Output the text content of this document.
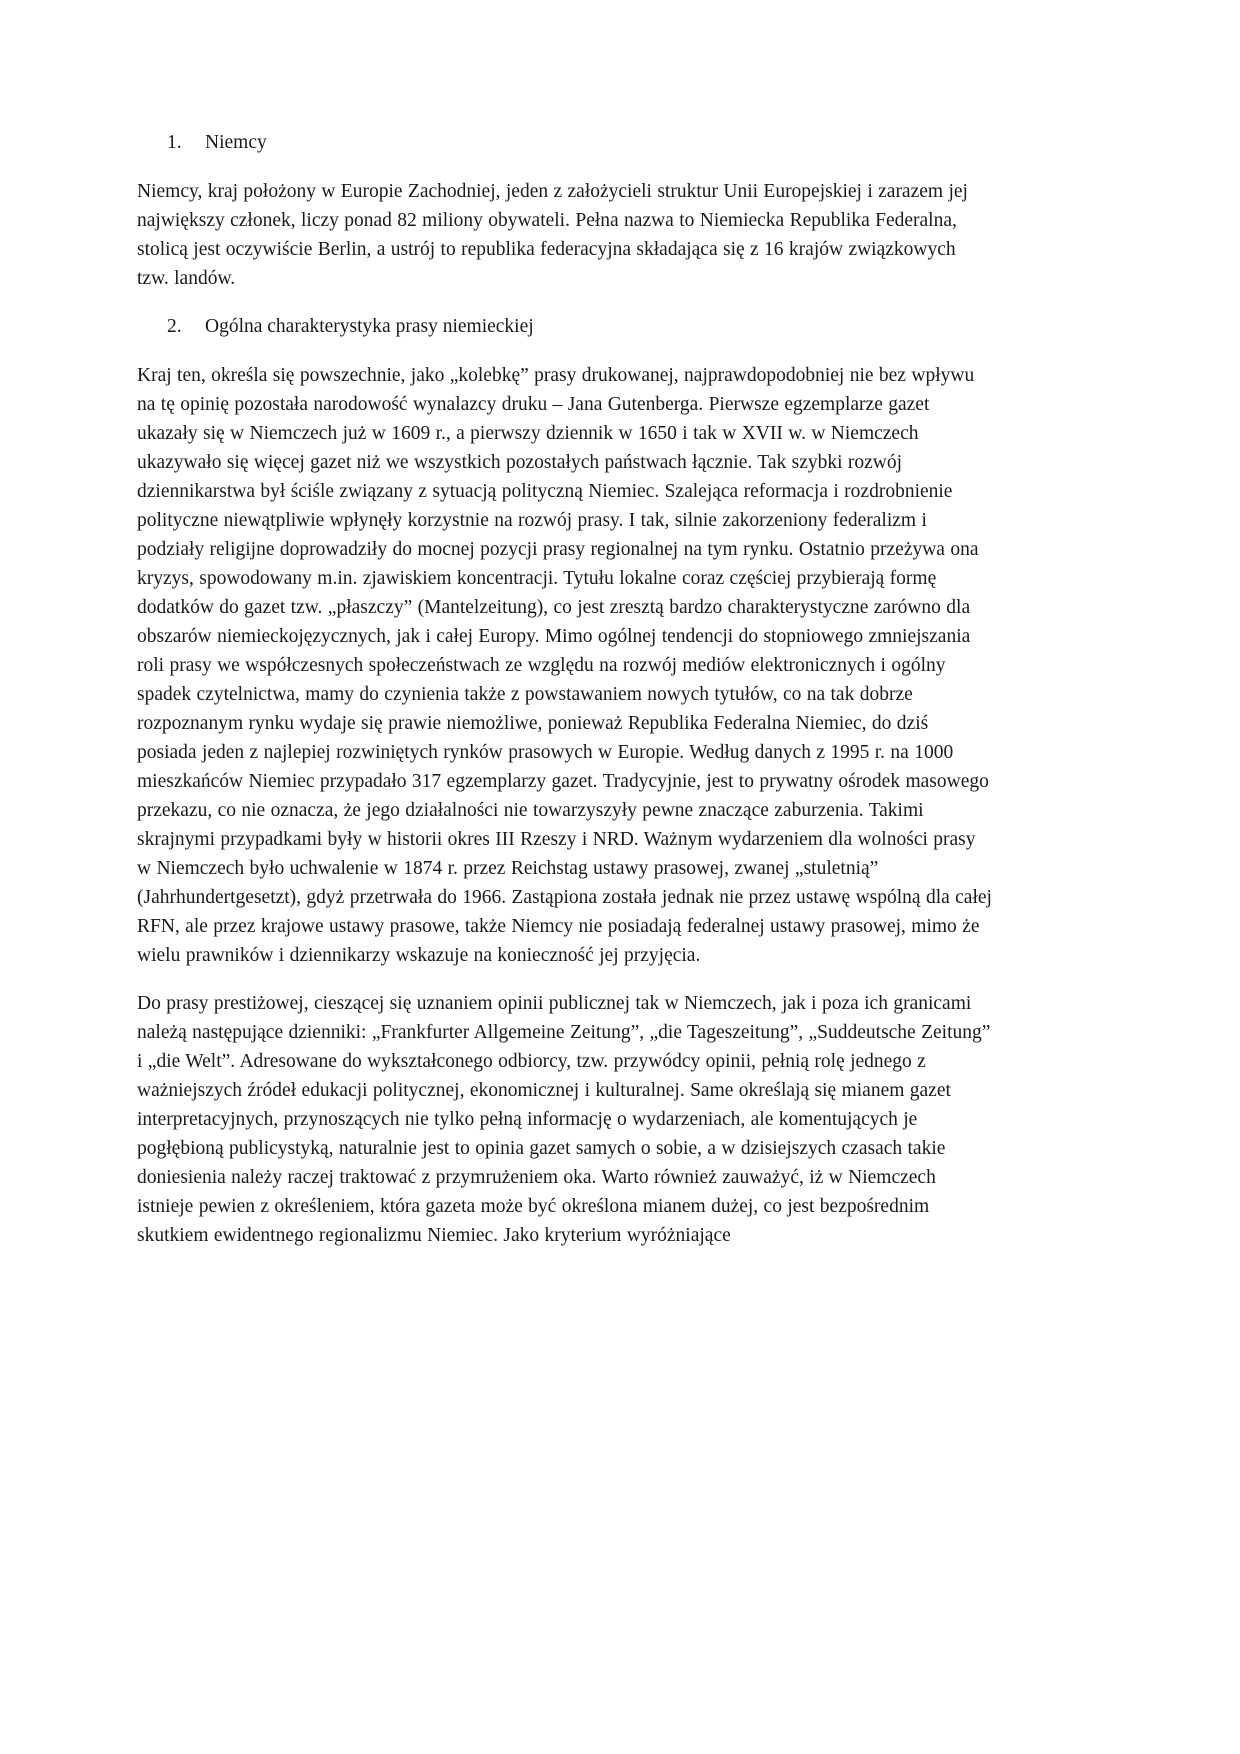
1.	Niemcy

Niemcy, kraj położony w Europie Zachodniej, jeden z założycieli struktur Unii Europejskiej i zarazem jej największy członek, liczy ponad 82 miliony obywateli. Pełna nazwa to Niemiecka Republika Federalna, stolicą jest oczywiście Berlin, a ustrój to republika federacyjna składająca się z 16 krajów związkowych tzw. landów.

2.	Ogólna charakterystyka prasy niemieckiej

Kraj ten, określa się powszechnie, jako „kolebkę” prasy drukowanej, najprawdopodobniej nie bez wpływu na tę opinię pozostała narodowość wynalazcy druku – Jana Gutenberga. Pierwsze egzemplarze gazet ukazały się w Niemczech już w 1609 r., a pierwszy dziennik w 1650 i tak w XVII w. w Niemczech ukazywało się więcej gazet niż we wszystkich pozostałych państwach łącznie. Tak szybki rozwój dziennikarstwa był ściśle związany z sytuacją polityczną Niemiec. Szalejąca reformacja i rozdrobnienie polityczne niewątpliwie wpłynęły korzystnie na rozwój prasy. I tak, silnie zakorzeniony federalizm i podziały religijne doprowadziły do mocnej pozycji prasy regionalnej na tym rynku. Ostatnio przeżywa ona kryzys, spowodowany m.in. zjawiskiem koncentracji. Tytułu lokalne coraz częściej przybierają formę dodatków do gazet tzw. „płaszczy” (Mantelzeitung), co jest zresztą bardzo charakterystyczne zarówno dla obszarów niemieckojęzycznych, jak i całej Europy. Mimo ogólnej tendencji do stopniowego zmniejszania roli prasy we współczesnych społeczeństwach ze względu na rozwój mediów elektronicznych i ogólny spadek czytelnictwa, mamy do czynienia także z powstawaniem nowych tytułów, co na tak dobrze rozpoznanym rynku wydaje się prawie niemożliwe, ponieważ Republika Federalna Niemiec, do dziś posiada jeden z najlepiej rozwiniętych rynków prasowych w Europie. Według danych z 1995 r. na 1000 mieszkańców Niemiec przypadało 317 egzemplarzy gazet. Tradycyjnie, jest to prywatny ośrodek masowego przekazu, co nie oznacza, że jego działalności nie towarzyszyły pewne znaczące zaburzenia. Takimi skrajnymi przypadkami były w historii okres III Rzeszy i NRD. Ważnym wydarzeniem dla wolności prasy w Niemczech było uchwalenie w 1874 r. przez Reichstag ustawy prasowej, zwanej „stuletnią” (Jahrhundertgesetzt), gdyż przetrwała do 1966. Zastąpiona została jednak nie przez ustawę wspólną dla całej RFN, ale przez krajowe ustawy prasowe, także Niemcy nie posiadają federalnej ustawy prasowej, mimo że wielu prawników i dziennikarzy wskazuje na konieczność jej przyjęcia.

Do prasy prestiżowej, cieszącej się uznaniem opinii publicznej tak w Niemczech, jak i poza ich granicami należą następujące dzienniki: „Frankfurter Allgemeine Zeitung”, „die Tageszeitung”, „Suddeutsche Zeitung” i „die Welt”. Adresowane do wykształconego odbiorcy, tzw. przywódcy opinii, pełnią rolę jednego z ważniejszych źródeł edukacji politycznej, ekonomicznej i kulturalnej. Same określają się mianem gazet interpretacyjnych, przynoszących nie tylko pełną informację o wydarzeniach, ale komentujących je pogłębioną publicystyką, naturalnie jest to opinia gazet samych o sobie, a w dzisiejszych czasach takie doniesienia należy raczej traktować z przymrużeniem oka. Warto również zauważyć, iż w Niemczech istnieje pewien z określeniem, która gazeta może być określona mianem dużej, co jest bezpośrednim skutkiem ewidentnego regionalizmu Niemiec. Jako kryterium wyróżniające
